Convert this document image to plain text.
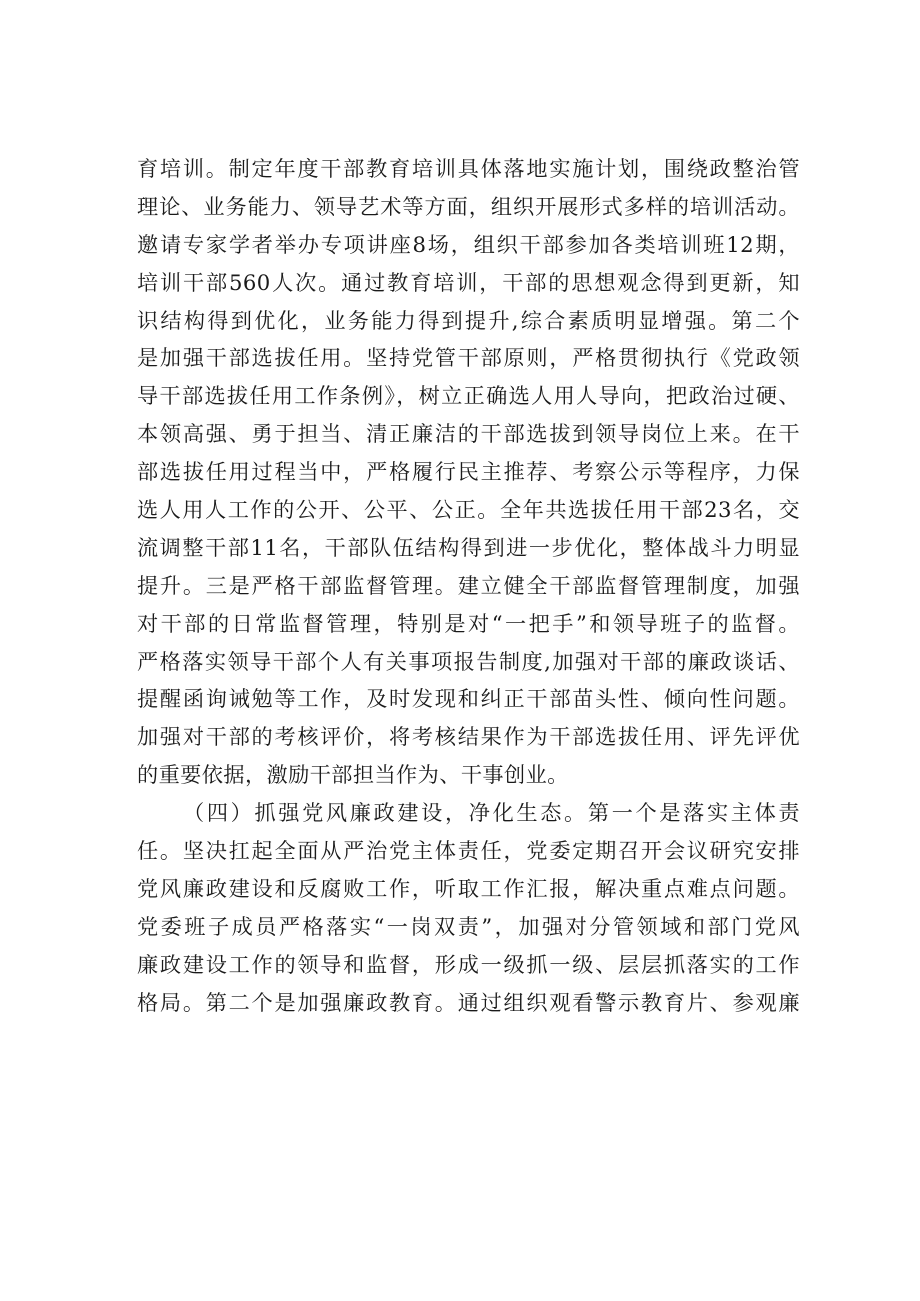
育培训。制定年度干部教育培训具体落地实施计划，围绕政整治管
理论、业务能力、领导艺术等方面，组织开展形式多样的培训活动。
邀请专家学者举办专项讲座8场，组织干部参加各类培训班12期，
培训干部560人次。通过教育培训，干部的思想观念得到更新，知
识结构得到优化，业务能力得到提升,综合素质明显增强。第二个
是加强干部选拔任用。坚持党管干部原则，严格贯彻执行《党政领
导干部选拔任用工作条例》，树立正确选人用人导向，把政治过硬、
本领高强、勇于担当、清正廉洁的干部选拔到领导岗位上来。在干
部选拔任用过程当中，严格履行民主推荐、考察公示等程序，力保
选人用人工作的公开、公平、公正。全年共选拔任用干部23名，交
流调整干部11名，干部队伍结构得到进一步优化，整体战斗力明显
提升。三是严格干部监督管理。建立健全干部监督管理制度，加强
对干部的日常监督管理，特别是对“一把手”和领导班子的监督。
严格落实领导干部个人有关事项报告制度,加强对干部的廉政谈话、
提醒函询诫勉等工作，及时发现和纠正干部苗头性、倾向性问题。
加强对干部的考核评价，将考核结果作为干部选拔任用、评先评优
的重要依据，激励干部担当作为、干事创业。
（四）抓强党风廉政建设，净化生态。第一个是落实主体责
任。坚决扛起全面从严治党主体责任，党委定期召开会议研究安排
党风廉政建设和反腐败工作，听取工作汇报，解决重点难点问题。
党委班子成员严格落实“一岗双责”，加强对分管领域和部门党风
廉政建设工作的领导和监督，形成一级抓一级、层层抓落实的工作
格局。第二个是加强廉政教育。通过组织观看警示教育片、参观廉
